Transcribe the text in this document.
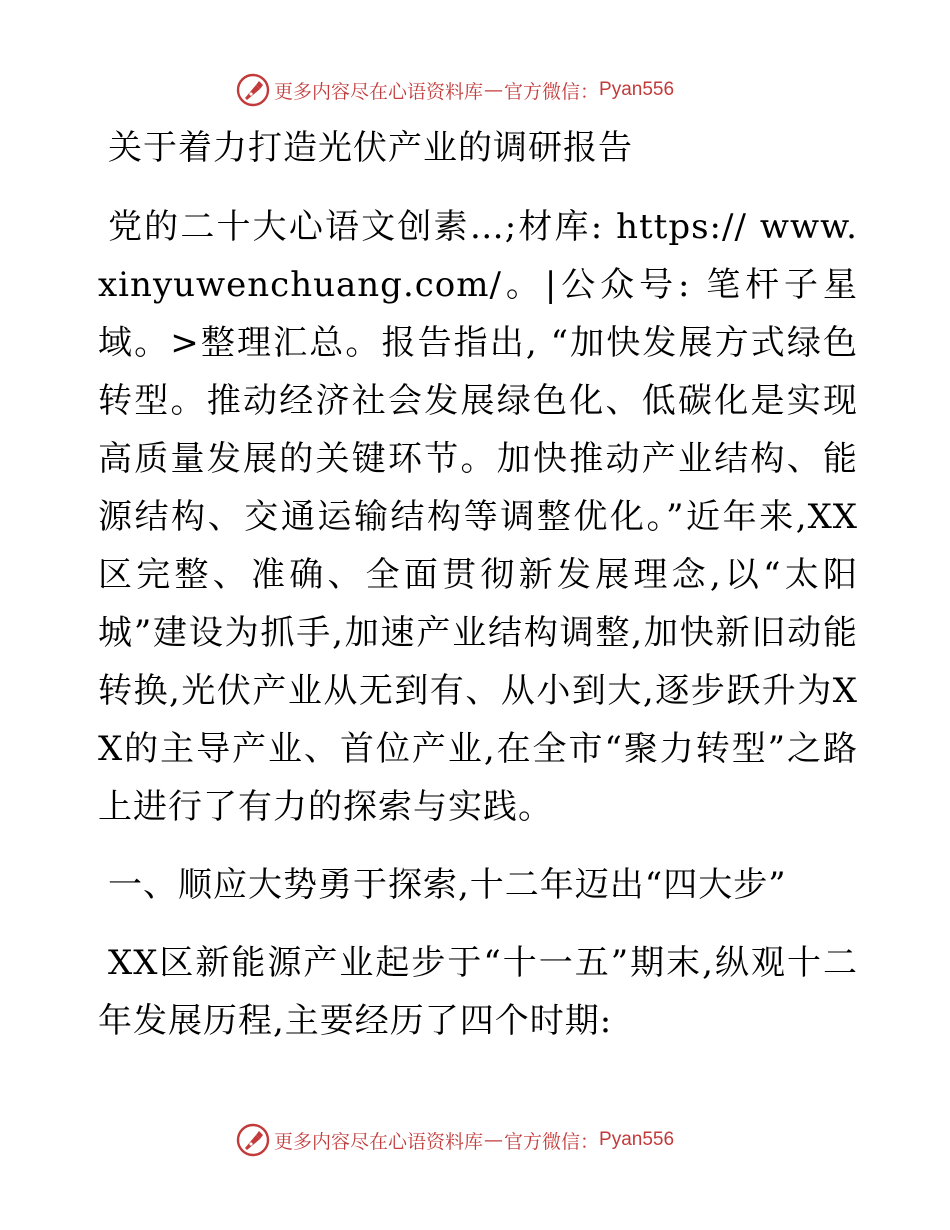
更多内容尽在心语资料库 — 官方微信： Pyan556
关于着力打造光伏产业的调研报告

党的二十大心语文创素…;材库: https:// www.xinyuwenchuang.com/。|公众号: 笔杆子星域。>整理汇总。报告指出, “加快发展方式绿色转型。推动经济社会发展绿色化、低碳化是实现高质量发展的关键环节。加快推动产业结构、能源结构、交通运输结构等调整优化。”近年来,XX区完整、准确、全面贯彻新发展理念,以“太阳城”建设为抓手,加速产业结构调整,加快新旧动能转换,光伏产业从无到有、从小到大,逐步跃升为XX的主导产业、首位产业,在全市“聚力转型”之路上进行了有力的探索与实践。

一、顺应大势勇于探索,十二年迈出“四大步”

XX区新能源产业起步于“十一五”期末,纵观十二年发展历程,主要经历了四个时期:

更多内容尽在心语资料库 — 官方微信： Pyan556
